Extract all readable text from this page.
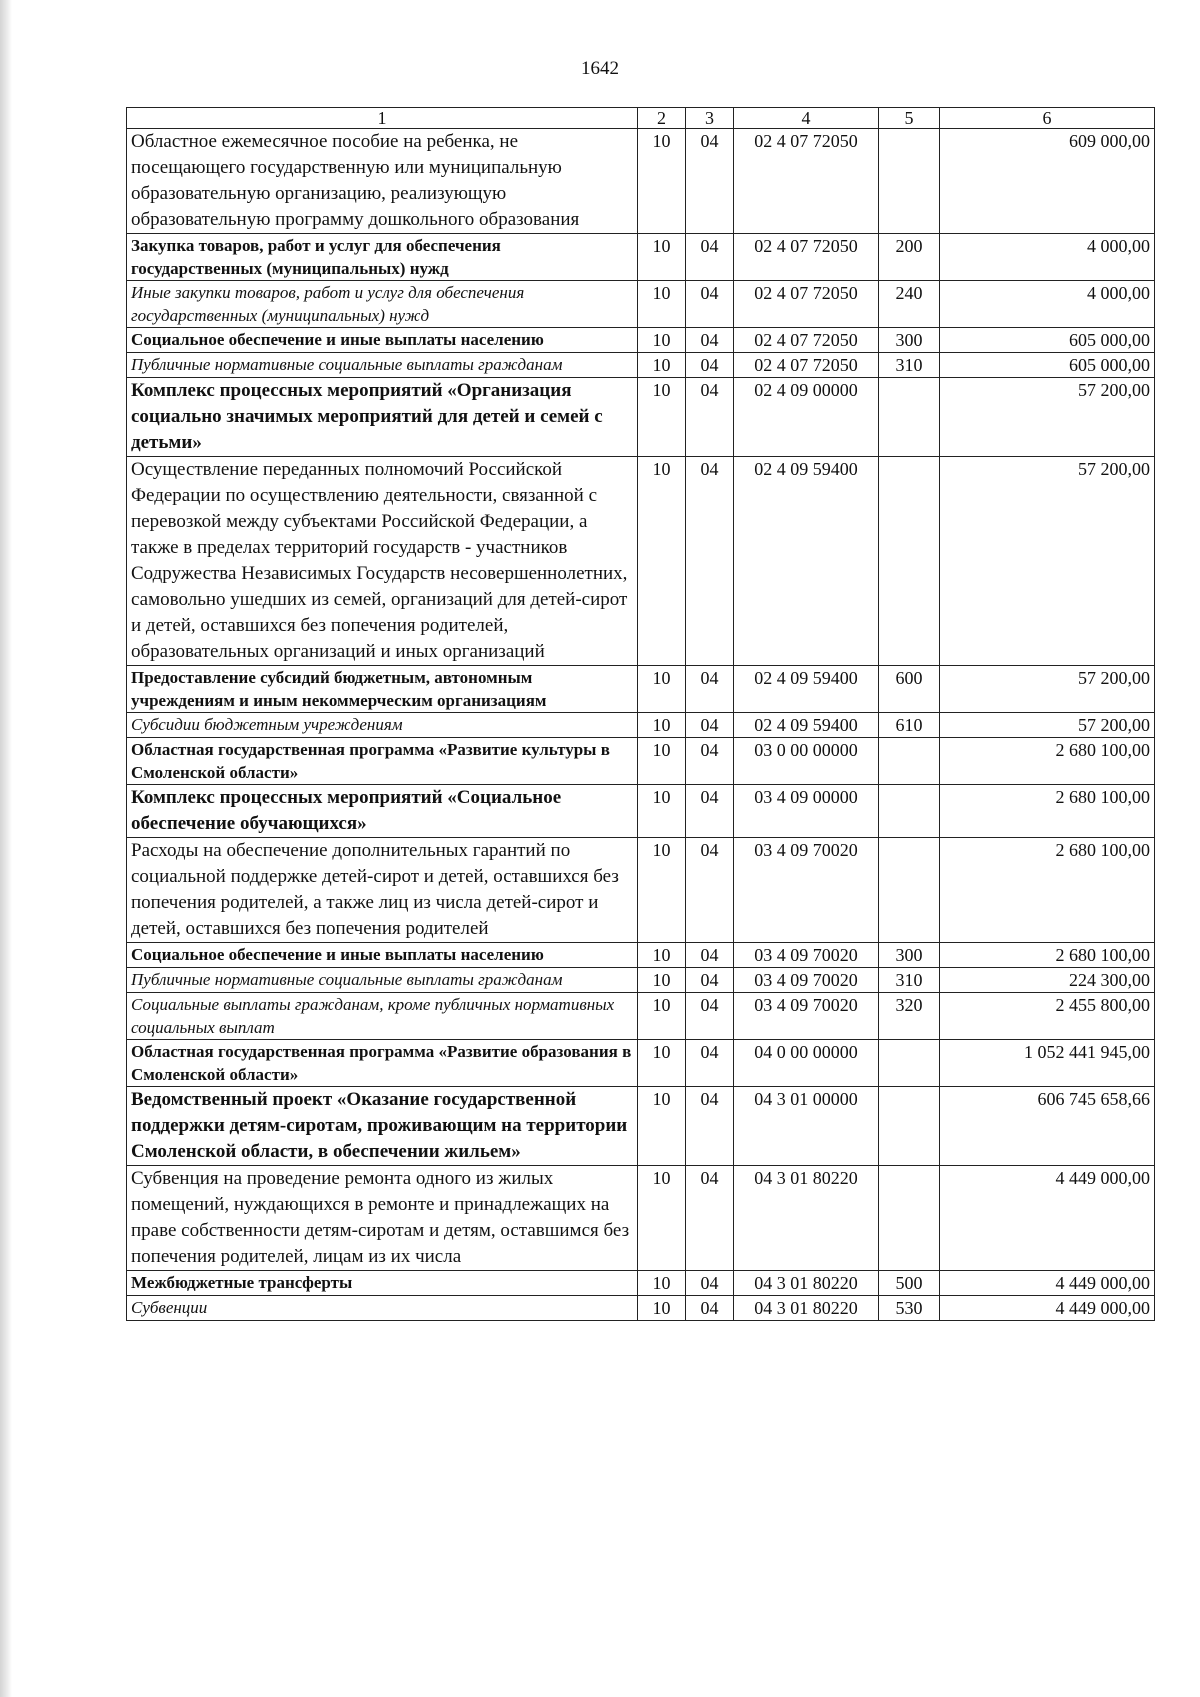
1642
1	2	3	4	5	6
Областное ежемесячное пособие на ребенка, не посещающего государственную или муниципальную образовательную организацию, реализующую образовательную программу дошкольного образования	10	04	02 4 07 72050		609 000,00
Закупка товаров, работ и услуг для обеспечения государственных (муниципальных) нужд	10	04	02 4 07 72050	200	4 000,00
Иные закупки товаров, работ и услуг для обеспечения государственных (муниципальных) нужд	10	04	02 4 07 72050	240	4 000,00
Социальное обеспечение и иные выплаты населению	10	04	02 4 07 72050	300	605 000,00
Публичные нормативные социальные выплаты гражданам	10	04	02 4 07 72050	310	605 000,00
Комплекс процессных мероприятий «Организация социально значимых мероприятий для детей и семей с детьми»	10	04	02 4 09 00000		57 200,00
Осуществление переданных полномочий Российской Федерации по осуществлению деятельности, связанной с перевозкой между субъектами Российской Федерации, а также в пределах территорий государств - участников Содружества Независимых Государств несовершеннолетних, самовольно ушедших из семей, организаций для детей-сирот и детей, оставшихся без попечения родителей, образовательных организаций и иных организаций	10	04	02 4 09 59400		57 200,00
Предоставление субсидий бюджетным, автономным учреждениям и иным некоммерческим организациям	10	04	02 4 09 59400	600	57 200,00
Субсидии бюджетным учреждениям	10	04	02 4 09 59400	610	57 200,00
Областная государственная программа «Развитие культуры в Смоленской области»	10	04	03 0 00 00000		2 680 100,00
Комплекс процессных мероприятий «Социальное обеспечение обучающихся»	10	04	03 4 09 00000		2 680 100,00
Расходы на обеспечение дополнительных гарантий по социальной поддержке детей-сирот и детей, оставшихся без попечения родителей, а также лиц из числа детей-сирот и детей, оставшихся без попечения родителей	10	04	03 4 09 70020		2 680 100,00
Социальное обеспечение и иные выплаты населению	10	04	03 4 09 70020	300	2 680 100,00
Публичные нормативные социальные выплаты гражданам	10	04	03 4 09 70020	310	224 300,00
Социальные выплаты гражданам, кроме публичных нормативных социальных выплат	10	04	03 4 09 70020	320	2 455 800,00
Областная государственная программа «Развитие образования в Смоленской области»	10	04	04 0 00 00000		1 052 441 945,00
Ведомственный проект «Оказание государственной поддержки детям-сиротам, проживающим на территории Смоленской области, в обеспечении жильем»	10	04	04 3 01 00000		606 745 658,66
Субвенция на проведение ремонта одного из жилых помещений, нуждающихся в ремонте и принадлежащих на праве собственности детям-сиротам и детям, оставшимся без попечения родителей, лицам из их числа	10	04	04 3 01 80220		4 449 000,00
Межбюджетные трансферты	10	04	04 3 01 80220	500	4 449 000,00
Субвенции	10	04	04 3 01 80220	530	4 449 000,00
